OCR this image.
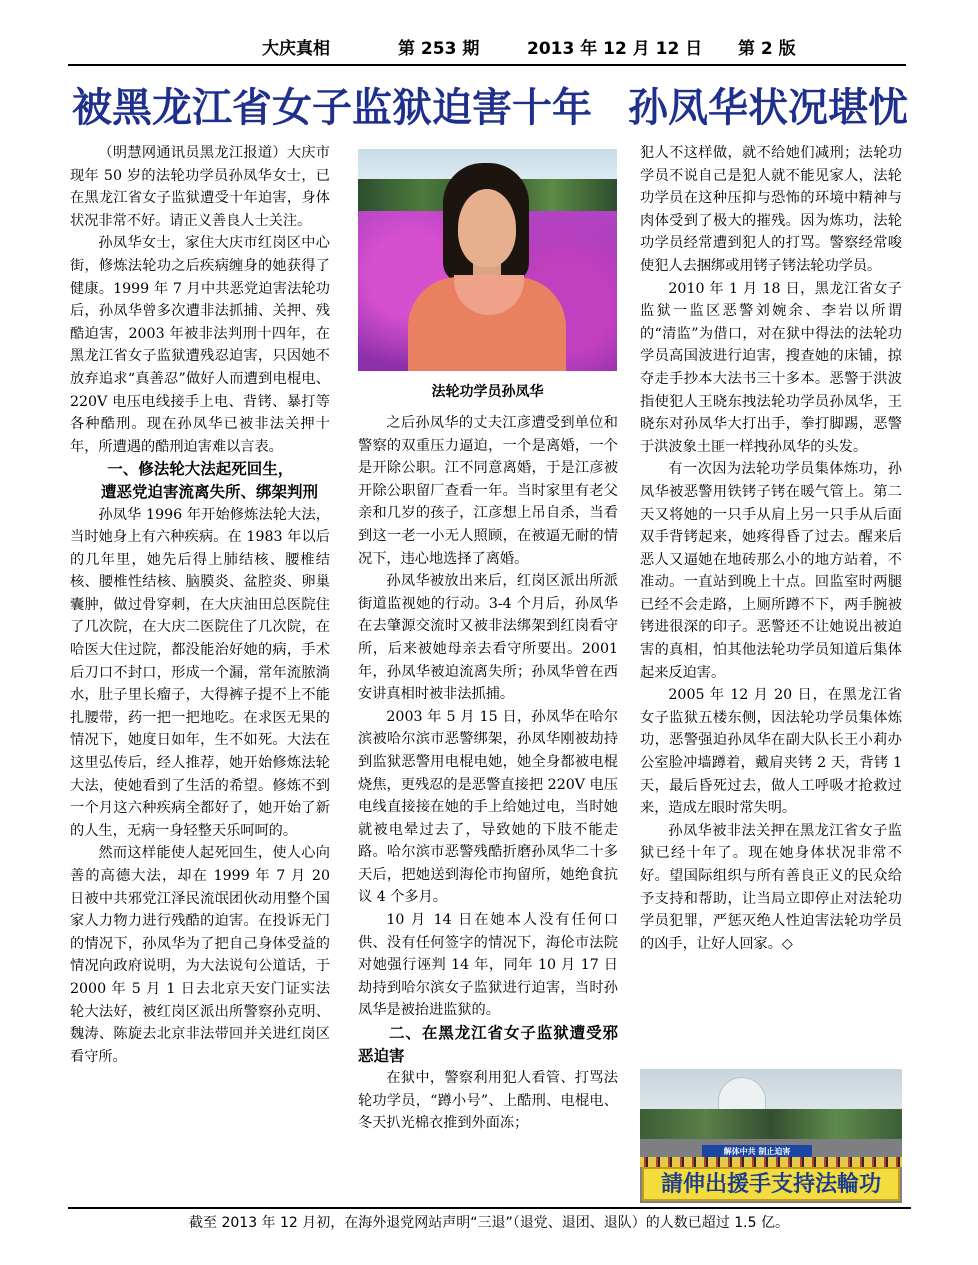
大庆真相	第 253 期	2013 年 12 月 12 日 第 2 版
被黑龙江省女子监狱迫害十年 孙凤华状况堪忧

（明慧网通讯员黑龙江报道）大庆市现年 50 岁的法轮功学员孙凤华女士，已在黑龙江省女子监狱遭受十年迫害，身体状况非常不好。请正义善良人士关注。

孙凤华女士，家住大庆市红岗区中心街，修炼法轮功之后疾病缠身的她获得了健康。1999 年 7 月中共恶党迫害法轮功后，孙凤华曾多次遭非法抓捕、关押、残酷迫害，2003 年被非法判刑十四年，在黑龙江省女子监狱遭残忍迫害，只因她不放弃追求“真善忍”做好人而遭到电棍电、220V 电压电线接手上电、背铐、暴打等各种酷刑。现在孙凤华已被非法关押十年，所遭遇的酷刑迫害难以言表。

一、修法轮大法起死回生，

遭恶党迫害流离失所、绑架判刑

孙凤华 1996 年开始修炼法轮大法，当时她身上有六种疾病。在 1983 年以后的几年里，她先后得上肺结核、腰椎结核、腰椎性结核、脑膜炎、盆腔炎、卵巢囊肿，做过骨穿刺，在大庆油田总医院住了几次院，在大庆二医院住了几次院，在哈医大住过院，都没能治好她的病，手术后刀口不封口，形成一个漏，常年流脓淌水，肚子里长瘤子，大得裤子提不上不能扎腰带，药一把一把地吃。在求医无果的情况下，她度日如年，生不如死。大法在这里弘传后，经人推荐，她开始修炼法轮大法，使她看到了生活的希望。修炼不到一个月这六种疾病全都好了，她开始了新的人生，无病一身轻整天乐呵呵的。

然而这样能使人起死回生，使人心向善的高德大法，却在 1999 年 7 月 20 日被中共邪党江泽民流氓团伙动用整个国家人力物力进行残酷的迫害。在投诉无门的情况下，孙凤华为了把自己身体受益的情况向政府说明，为大法说句公道话，于 2000 年 5 月 1 日去北京天安门证实法轮大法好，被红岗区派出所警察孙克明、魏涛、陈旋去北京非法带回并关进红岗区看守所。

法轮功学员孙凤华

之后孙凤华的丈夫江彦遭受到单位和警察的双重压力逼迫，一个是离婚，一个是开除公职。江不同意离婚，于是江彦被开除公职留厂查看一年。当时家里有老父亲和几岁的孩子，江彦想上吊自杀，当看到这一老一小无人照顾，在被逼无耐的情况下，违心地选择了离婚。

孙凤华被放出来后，红岗区派出所派街道监视她的行动。3-4 个月后，孙凤华在去肇源交流时又被非法绑架到红岗看守所，后来被她母亲去看守所要出。2001 年，孙凤华被迫流离失所；孙凤华曾在西安讲真相时被非法抓捕。

2003 年 5 月 15 日，孙凤华在哈尔滨被哈尔滨市恶警绑架，孙凤华刚被劫持到监狱恶警用电棍电她，她全身都被电棍烧焦，更残忍的是恶警直接把 220V 电压电线直接接在她的手上给她过电，当时她就被电晕过去了，导致她的下肢不能走路。哈尔滨市恶警残酷折磨孙凤华二十多天后，把她送到海伦市拘留所，她绝食抗议 4 个多月。

10 月 14 日在她本人没有任何口供、没有任何签字的情况下，海伦市法院对她强行诬判 14 年，同年 10 月 17 日劫持到哈尔滨女子监狱进行迫害，当时孙凤华是被抬进监狱的。

二、在黑龙江省女子监狱遭受邪恶迫害

在狱中，警察利用犯人看管、打骂法轮功学员，“蹲小号”、上酷刑、电棍电、冬天扒光棉衣推到外面冻；

犯人不这样做，就不给她们减刑；法轮功学员不说自己是犯人就不能见家人，法轮功学员在这种压抑与恐怖的环境中精神与肉体受到了极大的摧残。因为炼功，法轮功学员经常遭到犯人的打骂。警察经常唆使犯人去捆绑或用铐子铐法轮功学员。

2010 年 1 月 18 日，黑龙江省女子监狱一监区恶警刘婉余、李岩以所谓的“清监”为借口，对在狱中得法的法轮功学员高国波进行迫害，搜查她的床铺，掠夺走手抄本大法书三十多本。恶警于洪波指使犯人王晓东拽法轮功学员孙凤华，王晓东对孙凤华大打出手，拳打脚踢，恶警于洪波象土匪一样拽孙凤华的头发。

有一次因为法轮功学员集体炼功，孙凤华被恶警用铁铐子铐在暖气管上。第二天又将她的一只手从肩上另一只手从后面双手背铐起来，她疼得昏了过去。醒来后恶人又逼她在地砖那么小的地方站着，不准动。一直站到晚上十点。回监室时两腿已经不会走路，上厕所蹲不下，两手腕被铐进很深的印子。恶警还不让她说出被迫害的真相，怕其他法轮功学员知道后集体起来反迫害。

2005 年 12 月 20 日，在黑龙江省女子监狱五楼东侧，因法轮功学员集体炼功，恶警强迫孙凤华在副大队长王小莉办公室脸冲墙蹲着，戴肩夹铐 2 天，背铐 1 天，最后昏死过去，做人工呼吸才抢救过来，造成左眼时常失明。

孙凤华被非法关押在黑龙江省女子监狱已经十年了。现在她身体状况非常不好。望国际组织与所有善良正义的民众给予支持和帮助，让当局立即停止对法轮功学员犯罪，严惩灭绝人性迫害法轮功学员的凶手，让好人回家。◇

解体中共 制止迫害
請伸出援手支持法輪功
截至 2013 年 12 月初，在海外退党网站声明“三退”（退党、退团、退队）的人数已超过 1.5 亿。
